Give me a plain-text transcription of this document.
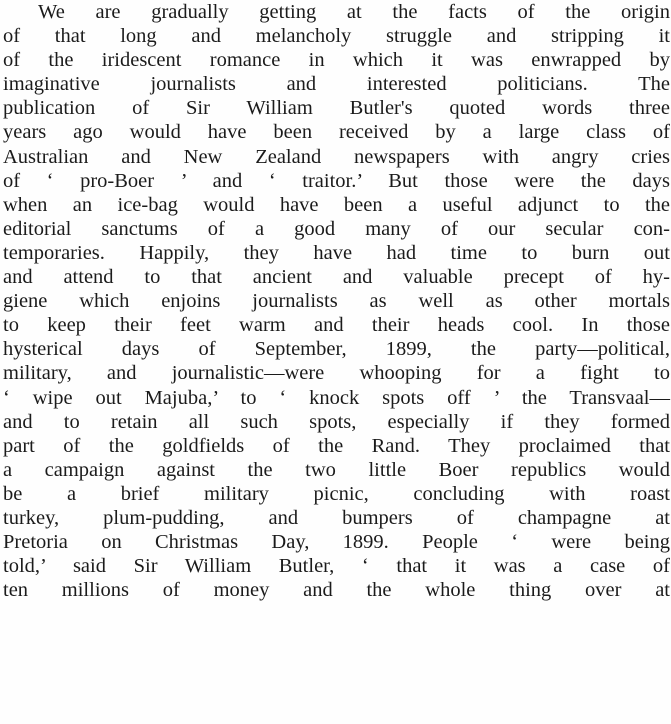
We are gradually getting at the facts of the origin
of that long and melancholy struggle and stripping it
of the iridescent romance in which it was enwrapped by
imaginative journalists and interested politicians. The
publication of Sir William Butler's quoted words three
years ago would have been received by a large class of
Australian and New Zealand newspapers with angry cries
of ‘ pro-Boer ’ and ‘ traitor.’ But those were the days
when an ice-bag would have been a useful adjunct to the
editorial sanctums of a good many of our secular con-
temporaries. Happily, they have had time to burn out
and attend to that ancient and valuable precept of hy-
giene which enjoins journalists as well as other mortals
to keep their feet warm and their heads cool. In those
hysterical days of September, 1899, the party—political,
military, and journalistic—were whooping for a fight to
‘ wipe out Majuba,’ to ‘ knock spots off ’ the Transvaal—
and to retain all such spots, especially if they formed
part of the goldfields of the Rand. They proclaimed that
a campaign against the two little Boer republics would
be a brief military picnic, concluding with roast
turkey, plum-pudding, and bumpers of champagne at
Pretoria on Christmas Day, 1899. People ‘ were being
told,’ said Sir William Butler, ‘ that it was a case of
ten millions of money and the whole thing over at
